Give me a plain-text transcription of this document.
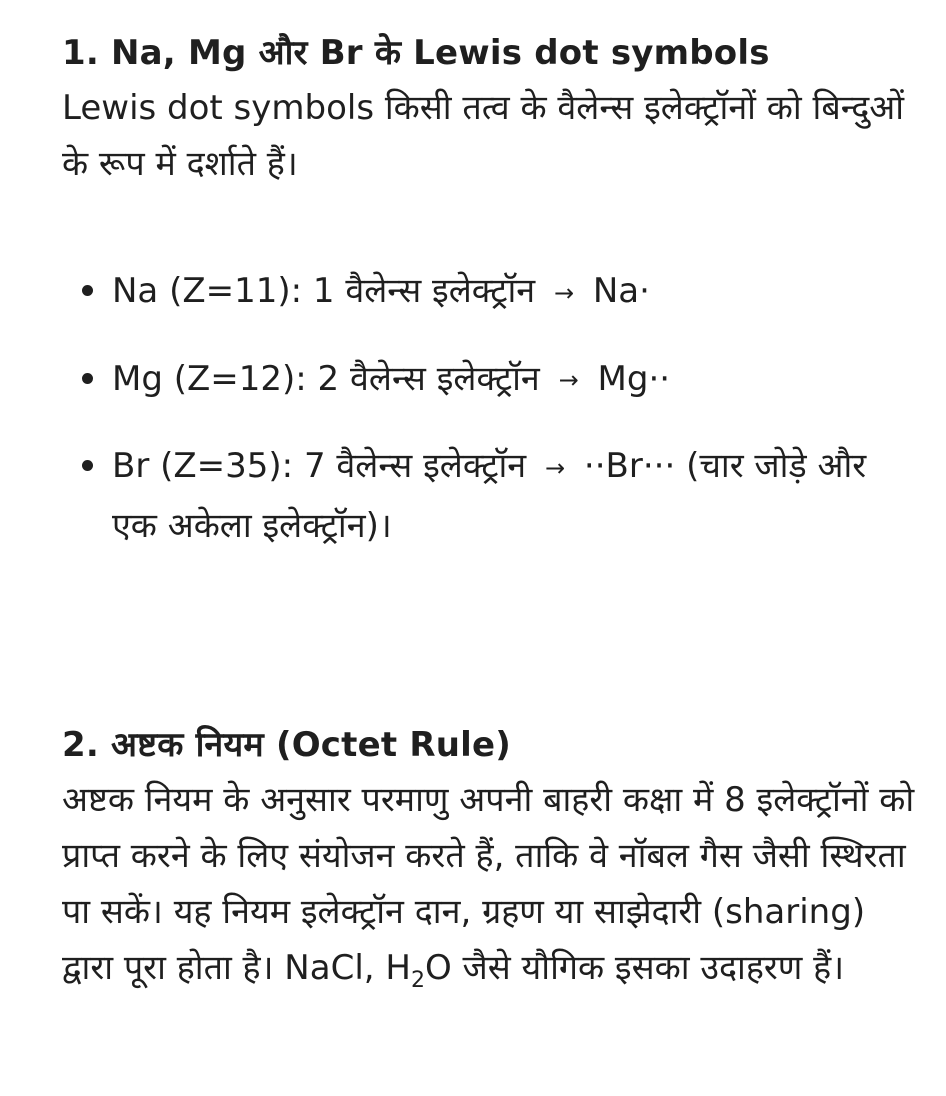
1. Na, Mg और Br के Lewis dot symbols

Lewis dot symbols किसी तत्व के वैलेन्स इलेक्ट्रॉनों को बिन्दुओं के रूप में दर्शाते हैं।

Na (Z=11): 1 वैलेन्स इलेक्ट्रॉन → Na·
Mg (Z=12): 2 वैलेन्स इलेक्ट्रॉन → Mg··
Br (Z=35): 7 वैलेन्स इलेक्ट्रॉन → ··Br··· (चार जोड़े और एक अकेला इलेक्ट्रॉन)।
2. अष्टक नियम (Octet Rule)

अष्टक नियम के अनुसार परमाणु अपनी बाहरी कक्षा में 8 इलेक्ट्रॉनों को प्राप्त करने के लिए संयोजन करते हैं, ताकि वे नॉबल गैस जैसी स्थिरता पा सकें। यह नियम इलेक्ट्रॉन दान, ग्रहण या साझेदारी (sharing) द्वारा पूरा होता है। NaCl, $H_2O$ जैसे यौगिक इसका उदाहरण हैं।
